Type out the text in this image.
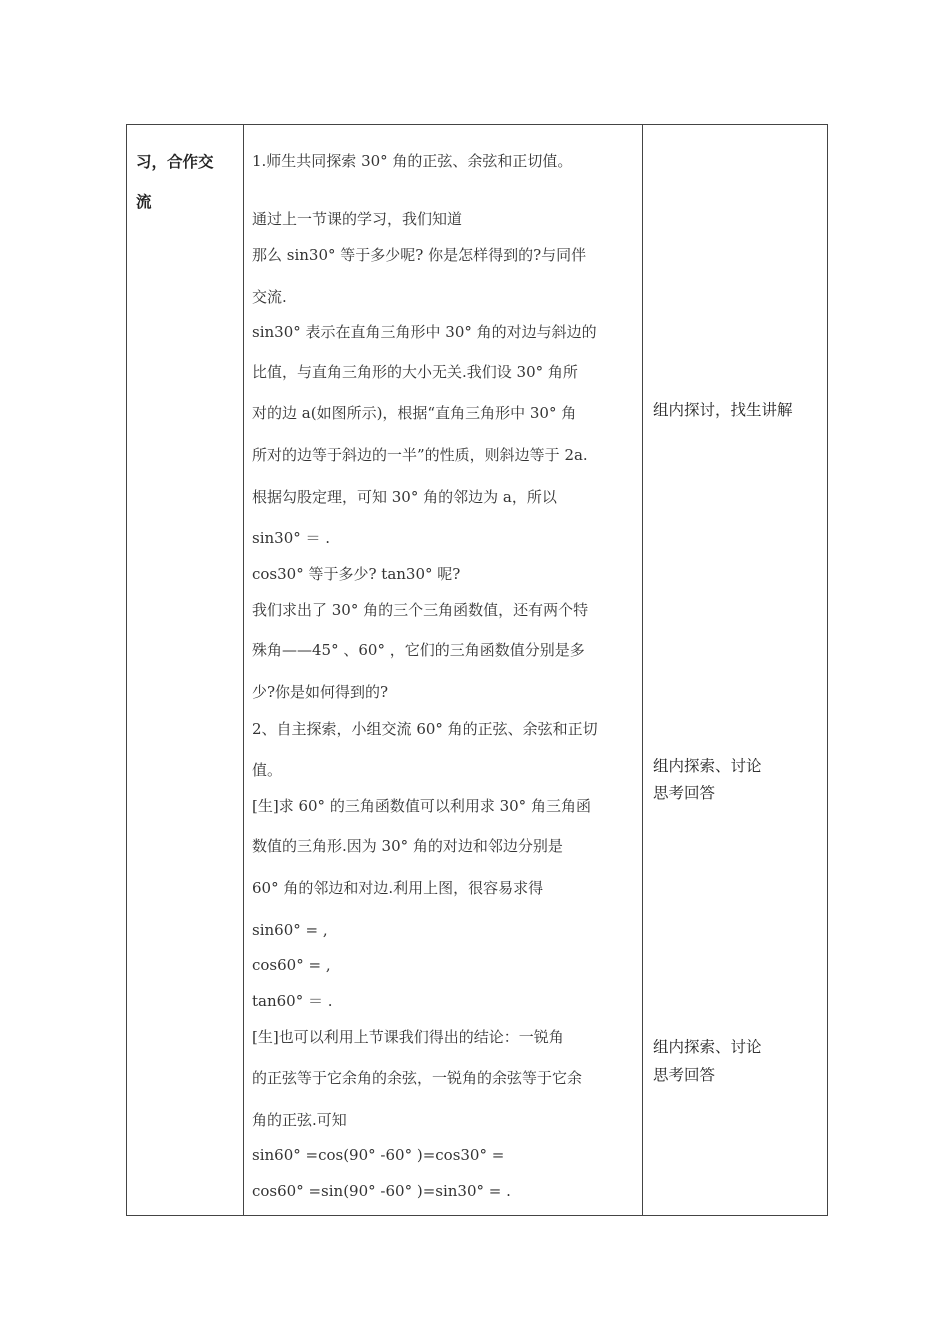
习，合作交
流
1.师生共同探索 30° 角的正弦、余弦和正切值。
通过上一节课的学习，我们知道
那么 sin30° 等于多少呢? 你是怎样得到的?与同伴
交流.
sin30° 表示在直角三角形中 30° 角的对边与斜边的
比值，与直角三角形的大小无关.我们设 30° 角所
对的边 a(如图所示)，根据“直角三角形中 30° 角
所对的边等于斜边的一半”的性质，则斜边等于 2a.
根据勾股定理，可知 30° 角的邻边为 a，所以
sin30° ＝ .
cos30° 等于多少? tan30° 呢?
我们求出了 30° 角的三个三角函数值，还有两个特
殊角——45° 、60° ，它们的三角函数值分别是多
少?你是如何得到的?
2、自主探索，小组交流 60° 角的正弦、余弦和正切
值。
[生]求 60° 的三角函数值可以利用求 30° 角三角函
数值的三角形.因为 30° 角的对边和邻边分别是
60° 角的邻边和对边.利用上图，很容易求得
sin60° = ,
cos60° = ,
tan60° ＝ .
[生]也可以利用上节课我们得出的结论：一锐角
的正弦等于它余角的余弦，一锐角的余弦等于它余
角的正弦.可知
sin60° =cos(90° -60° )=cos30° =
cos60° =sin(90° -60° )=sin30° = .
组内探讨，找生讲解
组内探索、讨论
思考回答
组内探索、讨论
思考回答
